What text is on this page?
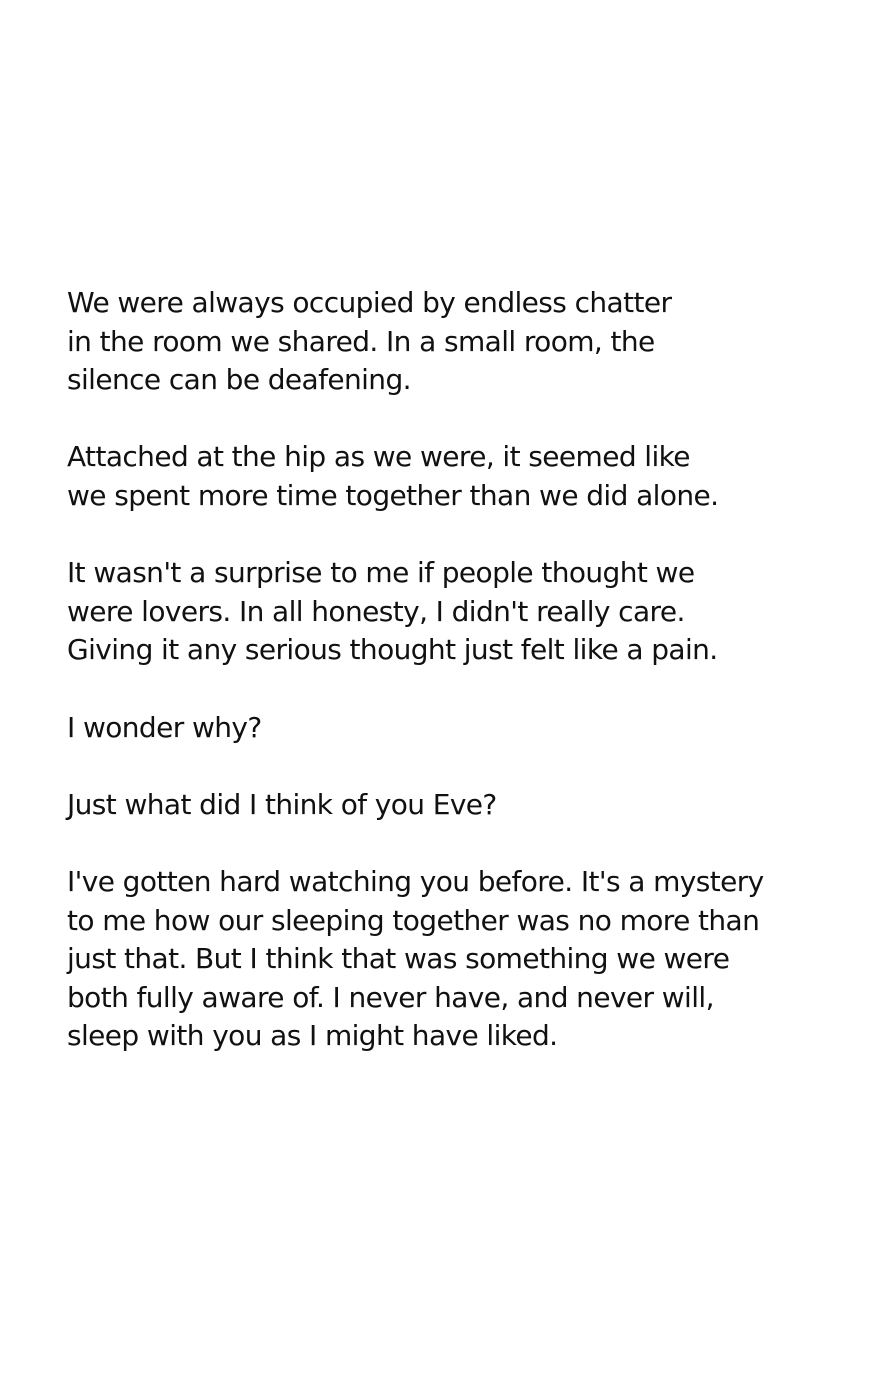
We were always occupied by endless chatter
in the room we shared. In a small room, the
silence can be deafening.

Attached at the hip as we were, it seemed like
we spent more time together than we did alone.

It wasn't a surprise to me if people thought we
were lovers. In all honesty, I didn't really care.
Giving it any serious thought just felt like a pain.

I wonder why?

Just what did I think of you Eve?

I've gotten hard watching you before. It's a mystery
to me how our sleeping together was no more than
just that. But I think that was something we were
both fully aware of. I never have, and never will,
sleep with you as I might have liked.
